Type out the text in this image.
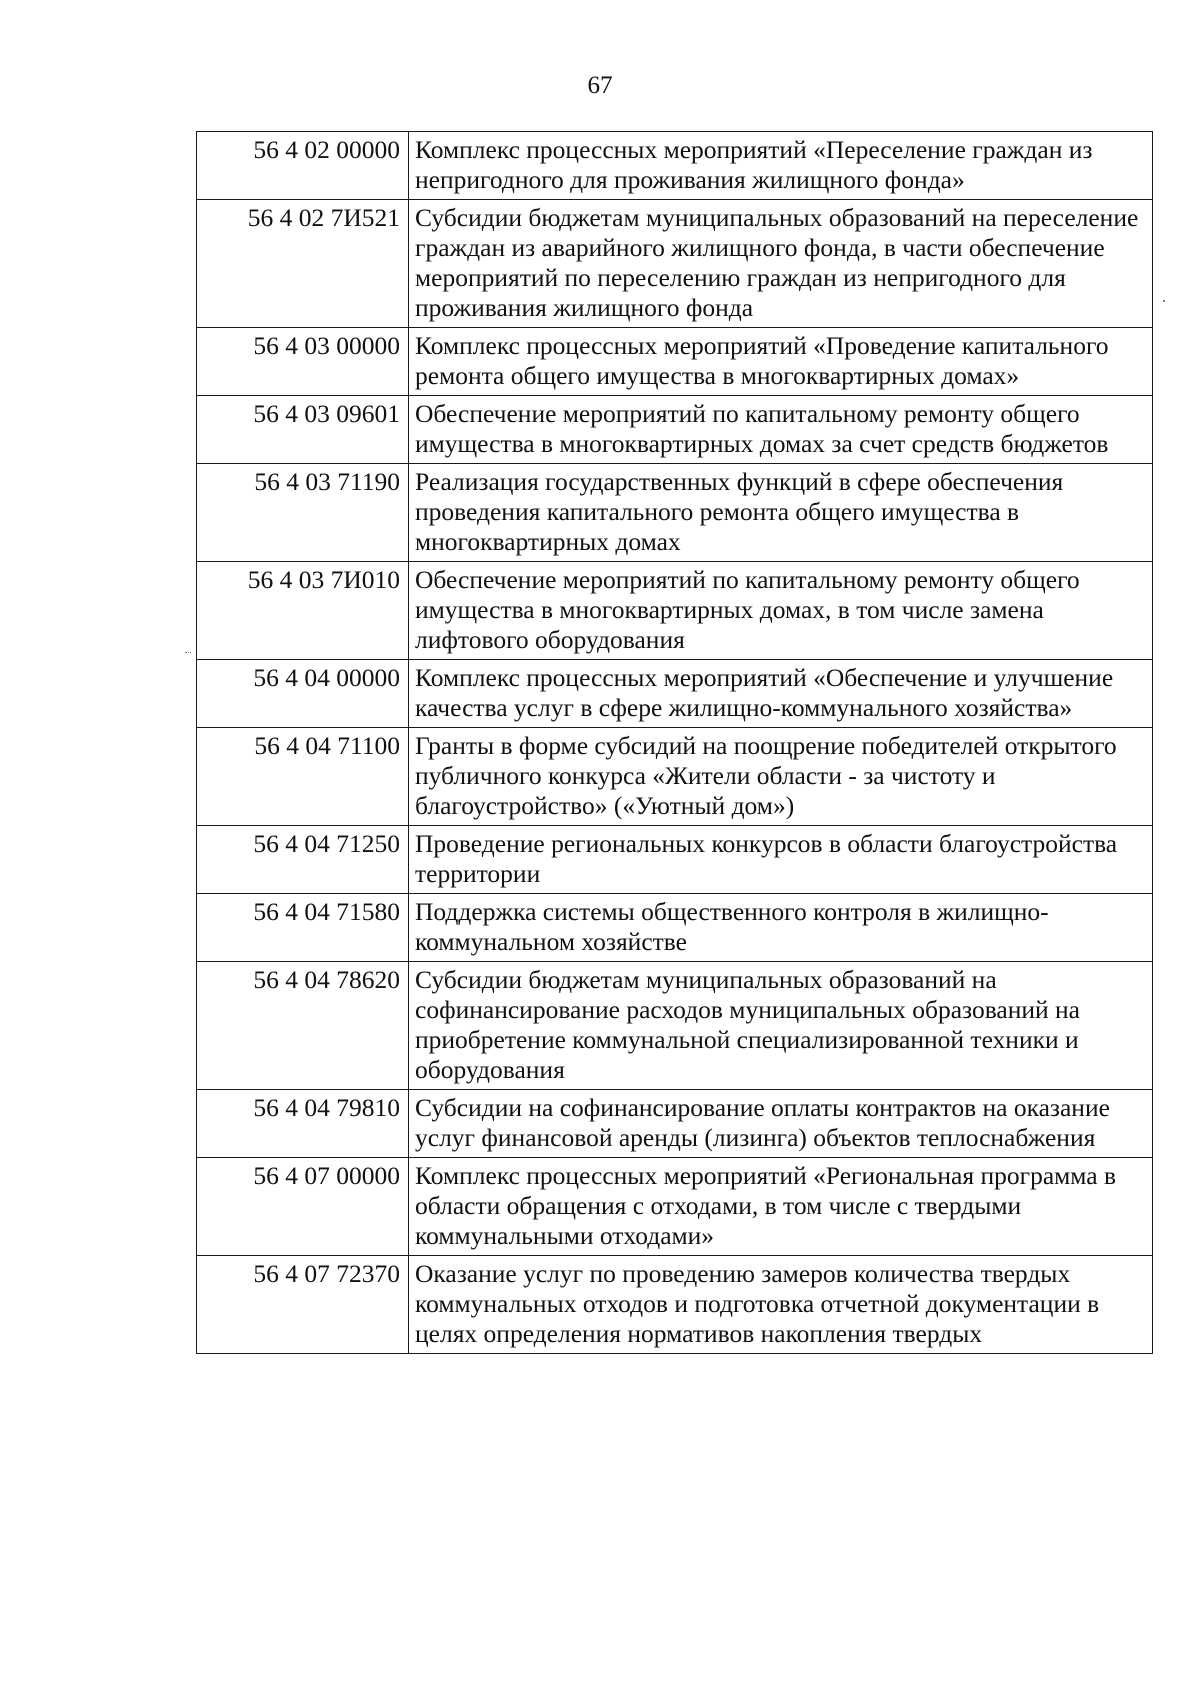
67
56 4 02 00000	Комплекс процессных мероприятий «Переселение граждан из непригодного для проживания жилищного фонда»
56 4 02 7И521	Субсидии бюджетам муниципальных образований на переселение граждан из аварийного жилищного фонда, в части обеспечение мероприятий по переселению граждан из непригодного для проживания жилищного фонда
56 4 03 00000	Комплекс процессных мероприятий «Проведение капитального ремонта общего имущества в многоквартирных домах»
56 4 03 09601	Обеспечение мероприятий по капитальному ремонту общего имущества в многоквартирных домах за счет средств бюджетов
56 4 03 71190	Реализация государственных функций в сфере обеспечения проведения капитального ремонта общего имущества в многоквартирных домах
56 4 03 7И010	Обеспечение мероприятий по капитальному ремонту общего имущества в многоквартирных домах, в том числе замена лифтового оборудования
56 4 04 00000	Комплекс процессных мероприятий «Обеспечение и улучшение качества услуг в сфере жилищно-коммунального хозяйства»
56 4 04 71100	Гранты в форме субсидий на поощрение победителей открытого публичного конкурса «Жители области - за чистоту и благоустройство» («Уютный дом»)
56 4 04 71250	Проведение региональных конкурсов в области благоустройства территории
56 4 04 71580	Поддержка системы общественного контроля в жилищно-коммунальном хозяйстве
56 4 04 78620	Субсидии бюджетам муниципальных образований на софинансирование расходов муниципальных образований на приобретение коммунальной специализированной техники и оборудования
56 4 04 79810	Субсидии на софинансирование оплаты контрактов на оказание услуг финансовой аренды (лизинга) объектов теплоснабжения
56 4 07 00000	Комплекс процессных мероприятий «Региональная программа в области обращения с отходами, в том числе с твердыми коммунальными отходами»
56 4 07 72370	Оказание услуг по проведению замеров количества твердых коммунальных отходов и подготовка отчетной документации в целях определения нормативов накопления твердых
